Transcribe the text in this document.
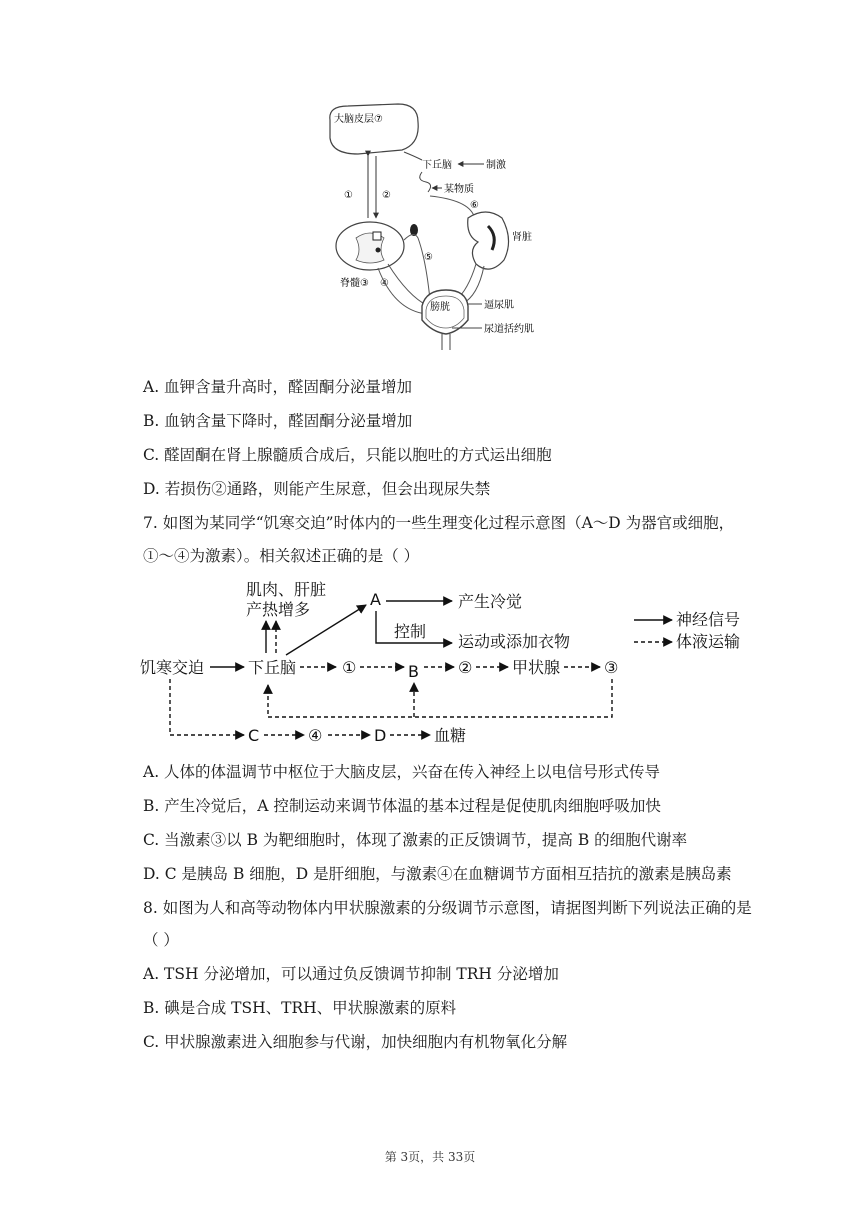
大脑皮层⑦
下丘脑	制激
某物质
⑥
肾脏
①	②
脊髓③ ④
⑤
膀胱	逼尿肌
尿道括约肌
A. 血钾含量升高时，醛固酮分泌量增加
B. 血钠含量下降时，醛固酮分泌量增加
C. 醛固酮在肾上腺髓质合成后，只能以胞吐的方式运出细胞
D. 若损伤②通路，则能产生尿意，但会出现尿失禁
7. 如图为某同学“饥寒交迫”时体内的一些生理变化过程示意图（A～D 为器官或细胞，
①～④为激素）。相关叙述正确的是（ ）
肌肉、肝脏
产热增多
A	产生冷觉
控制
运动或添加衣物
神经信号
体液运输
饥寒交迫	下丘脑	①	B ② 甲状腺	③
C	④	D	血糖
A. 人体的体温调节中枢位于大脑皮层，兴奋在传入神经上以电信号形式传导
B. 产生冷觉后，A 控制运动来调节体温的基本过程是促使肌肉细胞呼吸加快
C. 当激素③以 B 为靶细胞时，体现了激素的正反馈调节，提高 B 的细胞代谢率
D. C 是胰岛 B 细胞，D 是肝细胞，与激素④在血糖调节方面相互拮抗的激素是胰岛素
8. 如图为人和高等动物体内甲状腺激素的分级调节示意图，请据图判断下列说法正确的是
（ ）
A. TSH 分泌增加，可以通过负反馈调节抑制 TRH 分泌增加
B. 碘是合成 TSH、TRH、甲状腺激素的原料
C. 甲状腺激素进入细胞参与代谢，加快细胞内有机物氧化分解
第 3页，共 33页
